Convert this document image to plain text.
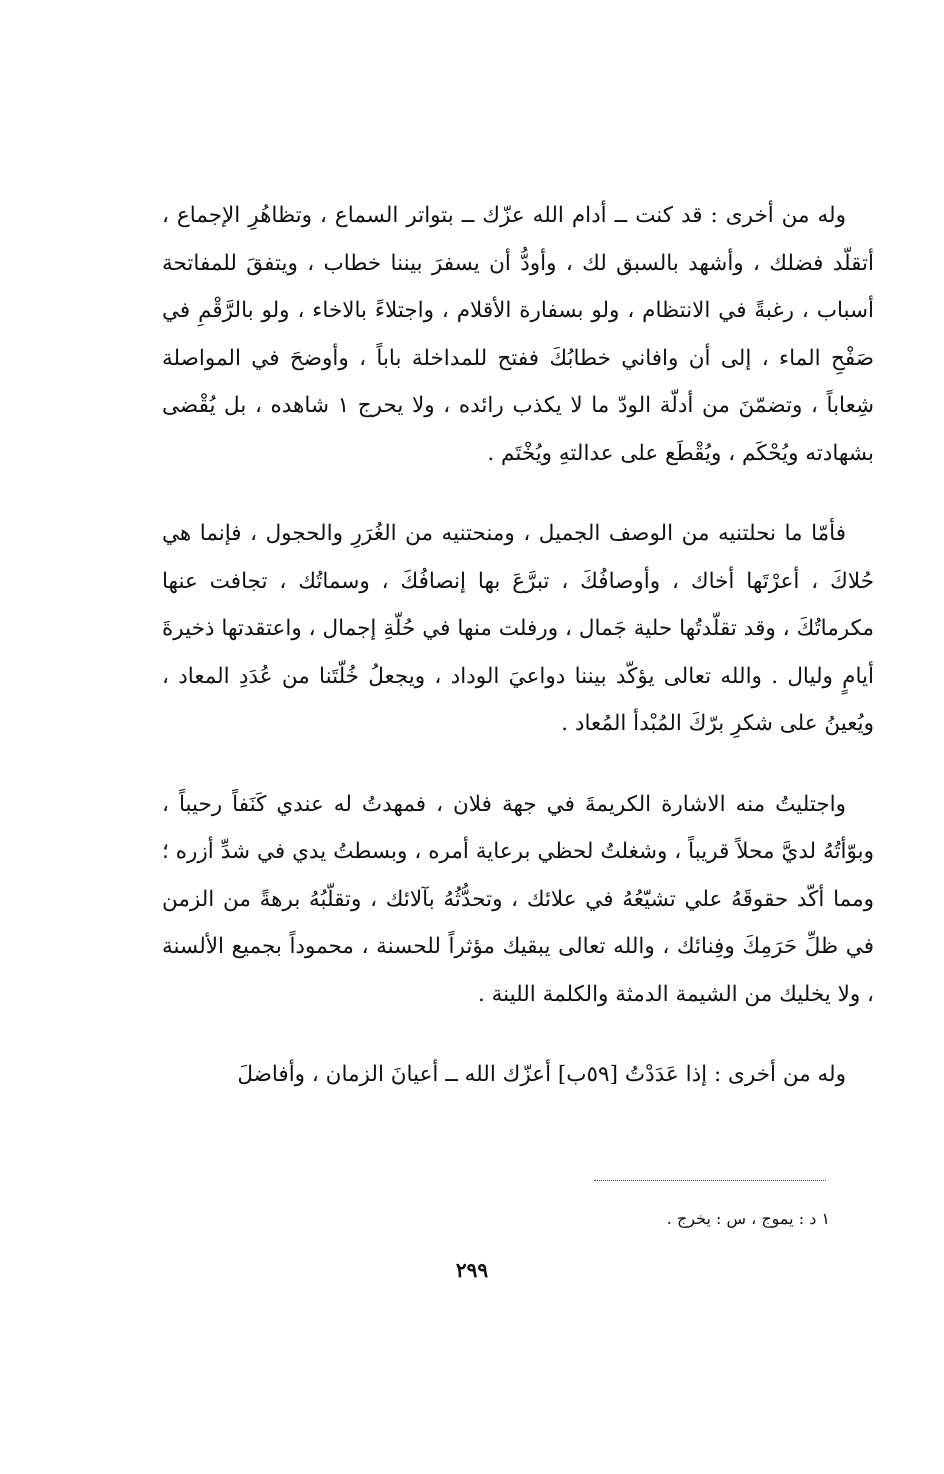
وله من أخرى : قد كنت ــ أدام الله عزّك ــ بتواتر السماع ، وتظاهُرِ الإجماع ، أتقلّد فضلك ، وأشهد بالسبق لك ، وأودُّ أن يسفرَ بيننا خطاب ، ويتفقَ للمفاتحة أسباب ، رغبةً في الانتظام ، ولو بسفارة الأقلام ، واجتلاءً بالاخاء ، ولو بالرَّقْمِ في صَفْحِ الماء ، إلى أن وافاني خطابُكَ ففتح للمداخلة باباً ، وأوضحَ في المواصلة شِعاباً ، وتضمّنَ من أدلّة الودّ ما لا يكذب رائده ، ولا يحرج ١ شاهده ، بل يُقْضى بشهادته ويُحْكَم ، ويُقْطَع على عدالتهِ ويُخْتَم .

فأمّا ما نحلتنيه من الوصف الجميل ، ومنحتنيه من الغُرَرِ والحجول ، فإنما هي حُلاكَ ، أعرْتَها أخاك ، وأوصافُكَ ، تبرَّعَ بها إنصافُكَ ، وسماتُك ، تجافت عنها مكرماتُكَ ، وقد تقلّدتُها حلية جَمال ، ورفلت منها في حُلّةِ إجمال ، واعتقدتها ذخيرةَ أيامٍ وليال . والله تعالى يؤكّد بيننا دواعيَ الوداد ، ويجعلُ خُلّتَنا من عُدَدِ المعاد ، ويُعينُ على شكرِ برّكَ المُبْدأ المُعاد .

واجتليتُ منه الاشارة الكريمةَ في جهة فلان ، فمهدتُ له عندي كَنَفاً رحيباً ، وبوّأتُهُ لديَّ محلاً قريباً ، وشغلتُ لحظي برعاية أمره ، وبسطتُ يدي في شدِّ أزره ؛ ومما أكّد حقوقَهُ علي تشيّعُهُ في علائك ، وتحدُّثُهُ بآلائك ، وتقلّبُهُ برهةً من الزمن في ظلِّ حَرَمِكَ وفِنائك ، والله تعالى يبقيك مؤثراً للحسنة ، محموداً بجميع الألسنة ، ولا يخليك من الشيمة الدمثة والكلمة اللينة .

وله من أخرى : إذا عَدَدْتُ [٥٩ب] أعزّك الله ــ أعيانَ الزمان ، وأفاضلَ

١ د : يموج ، س : يخرج .
٢٩٩
